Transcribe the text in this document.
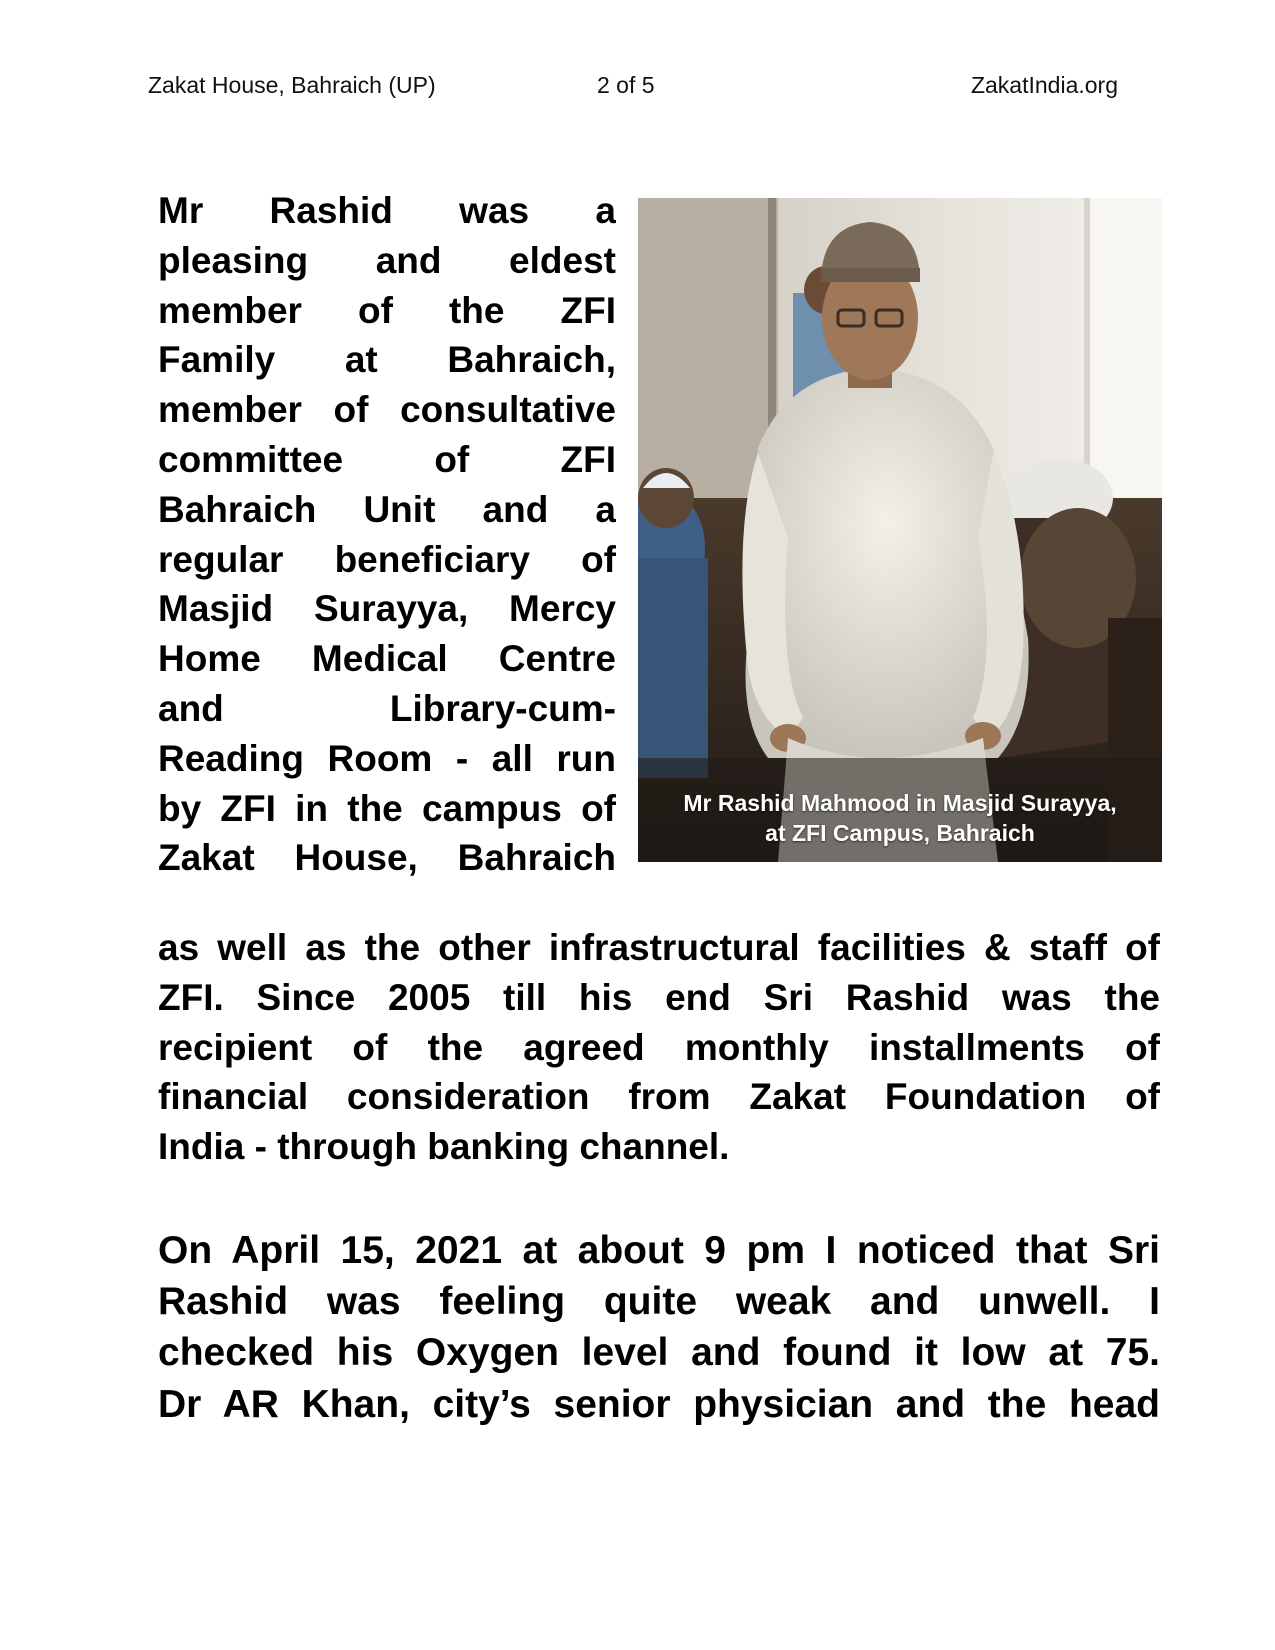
Zakat House, Bahraich (UP)	2 of 5	ZakatIndia.org
Mr Rashid was a
pleasing and eldest
member of the ZFI
Family at Bahraich,
member of consultative
committee of ZFI
Bahraich Unit and a
regular beneficiary of
Masjid Surayya, Mercy
Home Medical Centre
and Library-cum-
Reading Room - all run
by ZFI in the campus of
Zakat House, Bahraich
Mr Rashid Mahmood in Masjid Surayya,
at ZFI Campus, Bahraich
as well as the other infrastructural facilities & staff of
ZFI. Since 2005 till his end Sri Rashid was the
recipient of the agreed monthly installments of
financial consideration from Zakat Foundation of
India - through banking channel.
On April 15, 2021 at about 9 pm I noticed that Sri
Rashid was feeling quite weak and unwell. I
checked his Oxygen level and found it low at 75.
Dr AR Khan, city’s senior physician and the head
